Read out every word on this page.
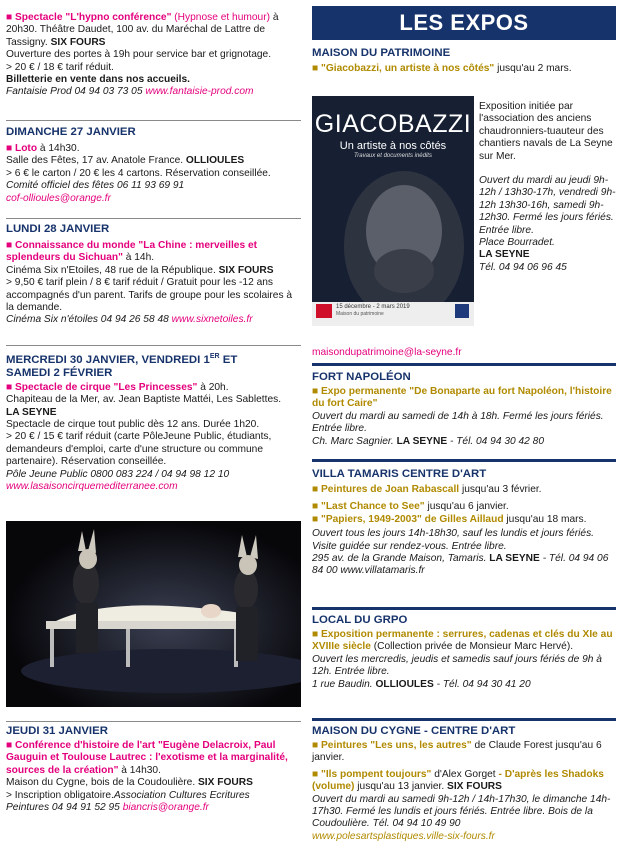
■ Spectacle "L'hypno conférence" (Hypnose et humour) à 20h30. Théâtre Daudet, 100 av. du Maréchal de Lattre de Tassigny. SIX FOURS

Ouverture des portes à 19h pour service bar et grignotage.

> 20 € / 18 € tarif réduit.

Billetterie en vente dans nos accueils.

Fantaisie Prod 04 94 03 73 05 www.fantaisie-prod.com

DIMANCHE 27 JANVIER

■ Loto à 14h30.

Salle des Fêtes, 17 av. Anatole France. OLLIOULES

> 6 € le carton / 20 € les 4 cartons. Réservation conseillée.

Comité officiel des fêtes 06 11 93 69 91

cof-ollioules@orange.fr

LUNDI 28 JANVIER

■ Connaissance du monde "La Chine : merveilles et splendeurs du Sichuan" à 14h.

Cinéma Six n'Etoiles, 48 rue de la République. SIX FOURS

> 9,50 € tarif plein / 8 € tarif réduit / Gratuit pour les -12 ans accompagnés d'un parent. Tarifs de groupe pour les scolaires à la demande.

Cinéma Six n'étoiles 04 94 26 58 48 www.sixnetoiles.fr

MERCREDI 30 JANVIER, VENDREDI 1ER ET

SAMEDI 2 FÉVRIER

■ Spectacle de cirque "Les Princesses" à 20h.

Chapiteau de la Mer, av. Jean Baptiste Mattéi, Les Sablettes.

LA SEYNE

Spectacle de cirque tout public dès 12 ans. Durée 1h20.

> 20 € / 15 € tarif réduit (carte PôleJeune Public, étudiants, demandeurs d'emploi, carte d'une structure ou commune partenaire). Réservation conseillée.

Pôle Jeune Public 0800 083 224 / 04 94 98 12 10

www.lasaisoncirquemediterranee.com

JEUDI 31 JANVIER

■ Conférence d'histoire de l'art "Eugène Delacroix, Paul Gauguin et Toulouse Lautrec : l'exotisme et la marginalité, sources de la création" à 14h30.

Maison du Cygne, bois de la Coudoulière. SIX FOURS

> Inscription obligatoire.Association Cultures Ecritures

Peintures 04 94 91 52 95 biancris@orange.fr

LES EXPOS

MAISON DU PATRIMOINE

■ "Giacobazzi, un artiste à nos côtés" jusqu'au 2 mars.

GIACOBAZZI
Un artiste à nos côtés
Travaux et documents inédits
15 décembre - 2 mars 2019
Maison du patrimoine

Exposition initiée par l'association des anciens chaudronniers-tuauteur des chantiers navals de La Seyne sur Mer.

Ouvert du mardi au jeudi 9h-12h / 13h30-17h, vendredi 9h-12h 13h30-16h, samedi 9h-12h30. Fermé les jours fériés. Entrée libre.

Place Bourradet.

LA SEYNE

Tél. 04 94 06 96 45

maisondupatrimoine@la-seyne.fr

FORT NAPOLÉON

■ Expo permanente "De Bonaparte au fort Napoléon, l'histoire du fort Caire"

Ouvert du mardi au samedi de 14h à 18h. Fermé les jours fériés. Entrée libre.

Ch. Marc Sagnier. LA SEYNE - Tél. 04 94 30 42 80

VILLA TAMARIS CENTRE D'ART

■ Peintures de Joan Rabascall jusqu'au 3 février.

■ "Last Chance to See" jusqu'au 6 janvier.

■ "Papiers, 1949-2003" de Gilles Aillaud jusqu'au 18 mars.

Ouvert tous les jours 14h-18h30, sauf les lundis et jours fériés. Visite guidée sur rendez-vous. Entrée libre.

295 av. de la Grande Maison, Tamaris. LA SEYNE - Tél. 04 94 06 84 00 www.villatamaris.fr

LOCAL DU GRPO

■ Exposition permanente : serrures, cadenas et clés du XIe au XVIIIe siècle (Collection privée de Monsieur Marc Hervé).

Ouvert les mercredis, jeudis et samedis sauf jours fériés de 9h à 12h. Entrée libre.

1 rue Baudin. OLLIOULES - Tél. 04 94 30 41 20

MAISON DU CYGNE - CENTRE D'ART

■ Peintures "Les uns, les autres" de Claude Forest jusqu'au 6 janvier.

■ "Ils pompent toujours" d'Alex Gorget - D'après les Shadoks (volume) jusqu'au 13 janvier. SIX FOURS

Ouvert du mardi au samedi 9h-12h / 14h-17h30, le dimanche 14h-17h30. Fermé les lundis et jours fériés. Entrée libre. Bois de la Coudoulière. Tél. 04 94 10 49 90

www.polesartsplastiques.ville-six-fours.fr
